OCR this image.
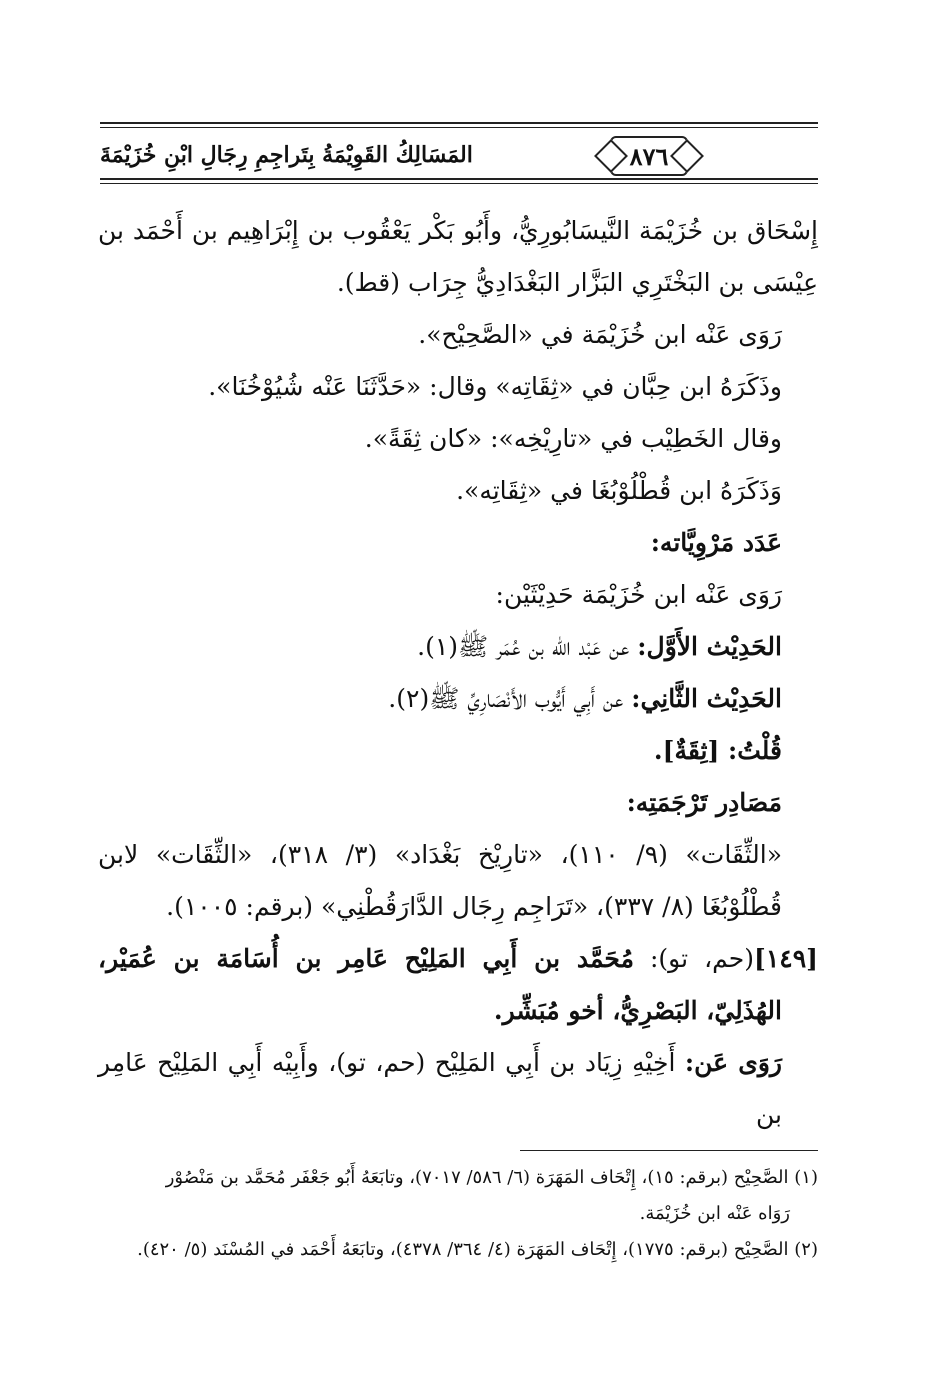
٨٧٦
المَسَالِكُ القَوِيْمَةُ بِتَراجِمِ رِجَالِ ابْنِ خُزَيْمَةَ

إِسْحَاق بن خُزَيْمَة النَّيسَابُورِيُّ، وأَبُو بَكْر يَعْقُوب بن إِبْرَاهِيم بن أَحْمَد بن عِيْسَى بن البَخْتَرِي البَزَّار البَغْدَادِيُّ جِرَاب (قط).

رَوَى عَنْه ابن خُزَيْمَة في «الصَّحِيْح».

وذَكَرَهُ ابن حِبَّان في «ثِقَاتِه» وقال: «حَدَّثَنَا عَنْه شُيُوْخُنَا».

وقال الخَطِيْب في «تارِيْخِه»: «كان ثِقَةً».

وَذَكَرَهُ ابن قُطْلُوْبُغَا في «ثِقَاتِه».

عَدَد مَرْوِيَّاته:

رَوَى عَنْه ابن خُزَيْمَة حَدِيْثَيْن:

الحَدِيْث الأَوَّل: عن عَبْد الله بن عُمَر ﷺ(١).

الحَدِيْث الثَّانِي: عن أَبِي أَيُّوب الأَنْصَارِيِّ ﷺ(٢).

قُلْتُ: [ثِقَةٌ].

مَصَادِر تَرْجَمَتِه:

«الثِّقَات» (٩/ ١١٠)، «تارِيْخ بَغْدَاد» (٣/ ٣١٨)، «الثِّقَات» لابن قُطْلُوْبُغَا (٨/ ٣٣٧)، «تَرَاجِم رِجَال الدَّارَقُطْنِي» (برقم: ١٠٠٥).

[١٤٩](حم، تو): مُحَمَّد بن أَبِي المَلِيْح عَامِر بن أُسَامَة بن عُمَيْر، الهُذَلِيّ، البَصْرِيُّ، أخو مُبَشِّر.

رَوَى عَن: أَخِيْهِ زِيَاد بن أَبِي المَلِيْح (حم، تو)، وأَبِيْه أَبِي المَلِيْح عَامِر بن

(١) الصَّحِيْح (برقم: ١٥)، إِتْحَاف المَهَرَة (٦/ ٥٨٦/ ٧٠١٧)، وتابَعَهُ أَبُو جَعْفَر مُحَمَّد بن مَنْصُوْر

رَوَاه عَنْه ابن خُزَيْمَة.

(٢) الصَّحِيْح (برقم: ١٧٧٥)، إِتْحَاف المَهَرَة (٤/ ٣٦٤/ ٤٣٧٨)، وتابَعَهُ أَحْمَد في المُسْنَد (٥/ ٤٢٠).
